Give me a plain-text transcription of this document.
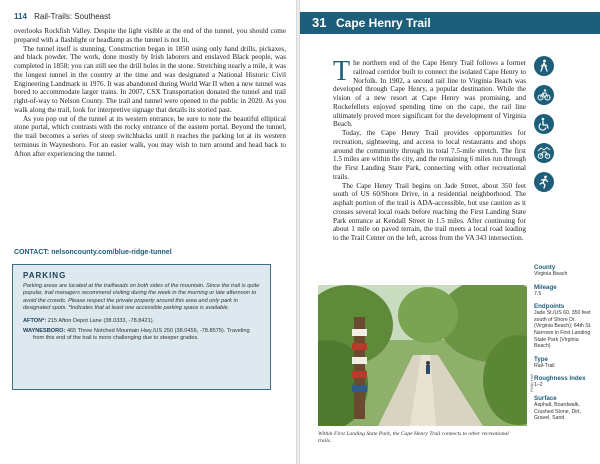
114 Rail-Trails: Southeast

overlooks Rockfish Valley. Despite the light visible at the end of the tunnel, you should come prepared with a flashlight or headlamp as the tunnel is not lit.

The tunnel itself is stunning. Construction began in 1850 using only hand drills, pickaxes, and black powder. The work, done mostly by Irish laborers and enslaved Black people, was completed in 1858; you can still see the drill holes in the stone. Stretching nearly a mile, it was the longest tunnel in the country at the time and was designated a National Historic Civil Engineering Landmark in 1976. It was abandoned during World War II when a new tunnel was bored to accommodate larger trains. In 2007, CSX Transportation donated the tunnel and trail right-of-way to Nelson County. The trail and tunnel were opened to the public in 2020. As you walk along the trail, look for interpretive signage that details its storied past.

As you pop out of the tunnel at its western entrance, be sure to note the beautiful elliptical stone portal, which contrasts with the rocky entrance of the eastern portal. Beyond the tunnel, the trail becomes a series of steep switchbacks until it reaches the parking lot at its western terminus in Waynesboro. For an easier walk, you may wish to turn around and head back to Afton after experiencing the tunnel.

CONTACT: nelsoncounty.com/blue-ridge-tunnel
PARKING

Parking areas are located at the trailheads on both sides of the mountain. Since the trail is quite popular, trail managers recommend visiting during the week in the morning or late afternoon to avoid the crowds. Please respect the private property around this area and only park in designated spots. *Indicates that at least one accessible parking space is available.

AFTON*: 215 Afton Depot Lane (38.0333, -78.8421).

WAYNESBORO: 465 Three Notched Mountain Hwy./US 250 (38.0456, -78.8575). Traveling from this end of the trail is more challenging due to steeper grades.

31 Cape Henry Trail

The northern end of the Cape Henry Trail follows a former railroad corridor built to connect the isolated Cape Henry to Norfolk. In 1902, a second rail line to Virginia Beach was developed through Cape Henry, a popular destination. While the vision of a new resort at Cape Henry was promising, and Rockefellers enjoyed spending time on the cape, the rail line ultimately proved more significant for the development of Virginia Beach.

Today, the Cape Henry Trail provides opportunities for recreation, sightseeing, and access to local restaurants and shops around the community through its total 7.5-mile stretch. The first 1.5 miles are within the city, and the remaining 6 miles run through the First Landing State Park, connecting with other recreational trails.

The Cape Henry Trail begins on Jade Street, about 350 feet south of US 60/Shore Drive, in a residential neighborhood. The asphalt portion of the trail is ADA-accessible, but use caution as it crosses several local roads before reaching the First Landing State Park entrance at Kendall Street in 1.5 miles. After continuing for about 1 mile on paved terrain, the trail meets a local road leading to the Trail Center on the left, across from the VA 343 intersection.

County
Virginia Beach
Mileage
7.5
Endpoints
Jade St./US 60, 350 feet south of Shore Dr. (Virginia Beach); 64th St. Narrows in First Landing State Park (Virginia Beach)
Type
Rail-Trail
Roughness Index
1–2
Surface
Asphalt, Boardwalk, Crushed Stone, Dirt, Gravel, Sand
Philip Hall
Within First Landing State Park, the Cape Henry Trail connects to other recreational trails.
